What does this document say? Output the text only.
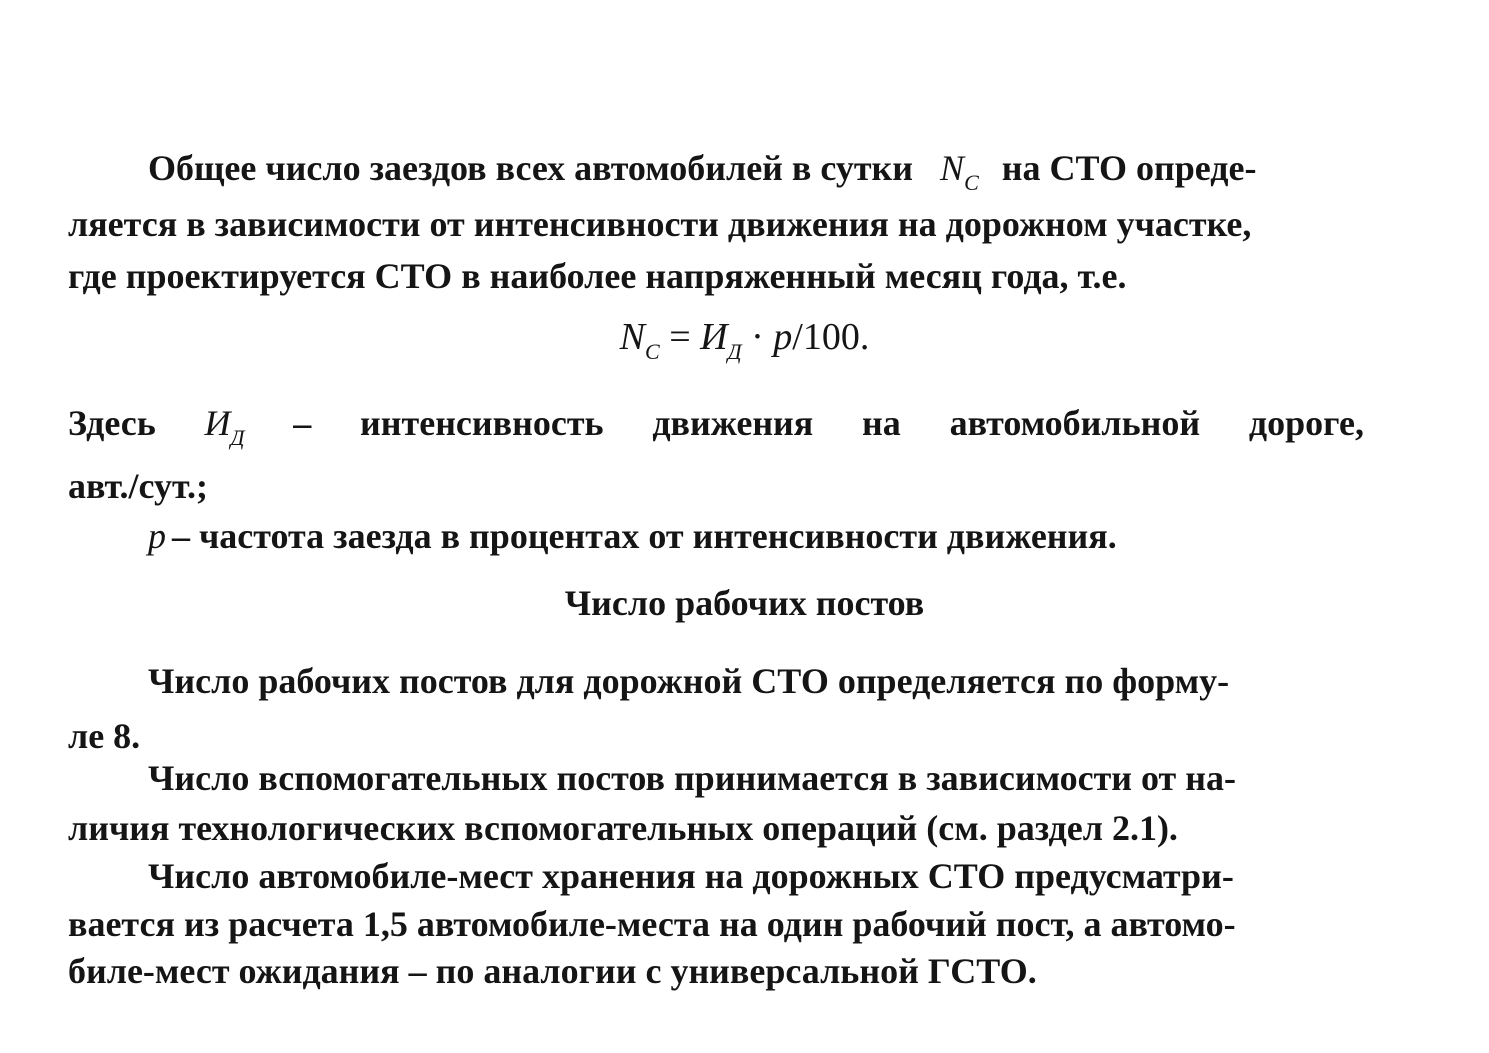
Общее число заездов всех автомобилей в сутки $N_C$ на СТО опреде-
ляется в зависимости от интенсивности движения на дорожном участке,
где проектируется СТО в наиболее напряженный месяц года, т.е.
$N_C = И_Д \cdot p/100$.
Здесь $И_Д$ – интенсивность движения на автомобильной дороге,
авт./сут.;
p – частота заезда в процентах от интенсивности движения.
Число рабочих постов
Число рабочих постов для дорожной СТО определяется по форму-
ле 8.
Число вспомогательных постов принимается в зависимости от на-
личия технологических вспомогательных операций (см. раздел 2.1).
Число автомобиле-мест хранения на дорожных СТО предусматри-
вается из расчета 1,5 автомобиле-места на один рабочий пост, а автомо-
биле-мест ожидания – по аналогии с универсальной ГСТО.
